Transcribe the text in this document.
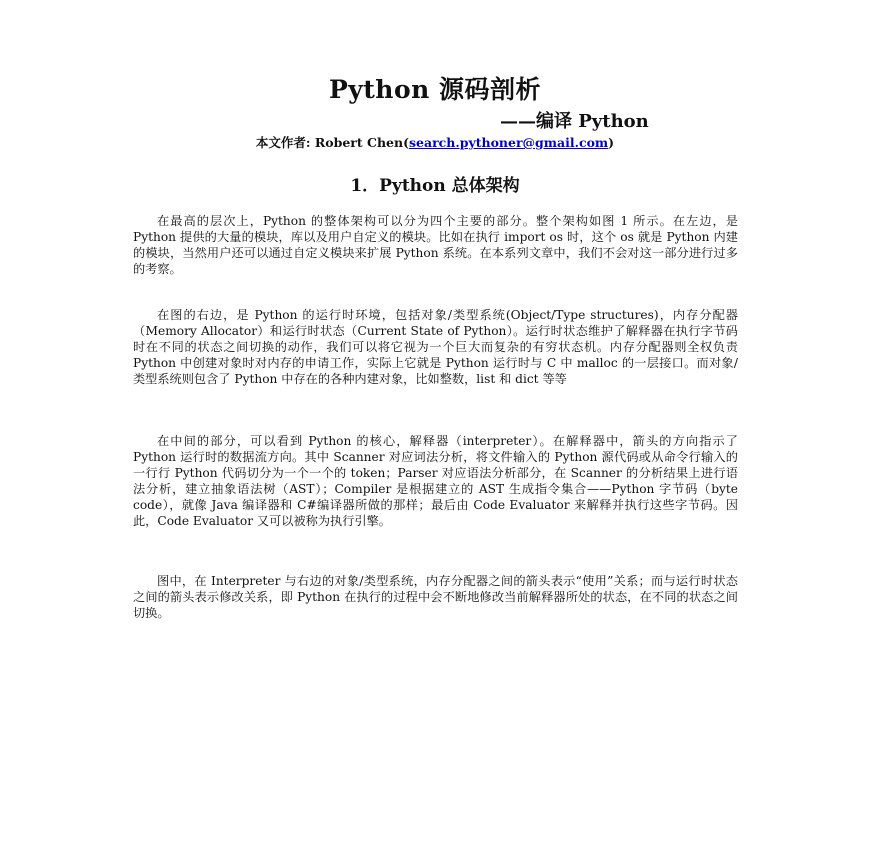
Python 源码剖析
——编译 Python
本文作者: Robert Chen(search.pythoner@gmail.com)
1．Python 总体架构

在最高的层次上，Python 的整体架构可以分为四个主要的部分。整个架构如图 1 所示。在左边，是 Python 提供的大量的模块，库以及用户自定义的模块。比如在执行 import os 时，这个 os 就是 Python 内建的模块，当然用户还可以通过自定义模块来扩展 Python 系统。在本系列文章中，我们不会对这一部分进行过多的考察。

在图的右边，是 Python 的运行时环境，包括对象/类型系统(Object/Type structures)，内存分配器（Memory Allocator）和运行时状态（Current State of Python）。运行时状态维护了解释器在执行字节码时在不同的状态之间切换的动作，我们可以将它视为一个巨大而复杂的有穷状态机。内存分配器则全权负责 Python 中创建对象时对内存的申请工作，实际上它就是 Python 运行时与 C 中 malloc 的一层接口。而对象/类型系统则包含了 Python 中存在的各种内建对象，比如整数，list 和 dict 等等

在中间的部分，可以看到 Python 的核心，解释器（interpreter）。在解释器中，箭头的方向指示了 Python 运行时的数据流方向。其中 Scanner 对应词法分析，将文件输入的 Python 源代码或从命令行输入的一行行 Python 代码切分为一个一个的 token；Parser 对应语法分析部分，在 Scanner 的分析结果上进行语法分析，建立抽象语法树（AST）；Compiler 是根据建立的 AST 生成指令集合——Python 字节码（byte code），就像 Java 编译器和 C#编译器所做的那样；最后由 Code Evaluator 来解释并执行这些字节码。因此，Code Evaluator 又可以被称为执行引擎。

图中，在 Interpreter 与右边的对象/类型系统，内存分配器之间的箭头表示“使用”关系；而与运行时状态之间的箭头表示修改关系，即 Python 在执行的过程中会不断地修改当前解释器所处的状态，在不同的状态之间切换。
